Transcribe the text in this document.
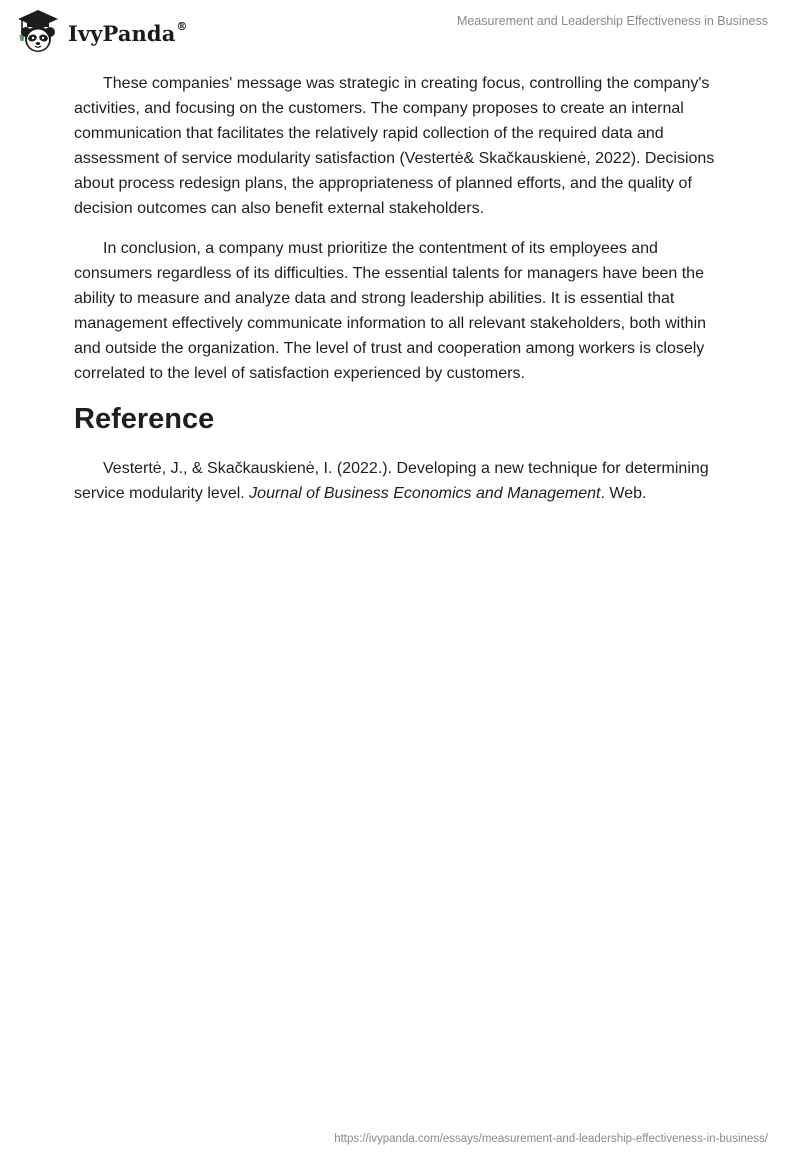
IvyPanda®	Measurement and Leadership Effectiveness in Business

These companies' message was strategic in creating focus, controlling the company's activities, and focusing on the customers. The company proposes to create an internal communication that facilitates the relatively rapid collection of the required data and assessment of service modularity satisfaction (Vestertė& Skačkauskienė, 2022). Decisions about process redesign plans, the appropriateness of planned efforts, and the quality of decision outcomes can also benefit external stakeholders.

In conclusion, a company must prioritize the contentment of its employees and consumers regardless of its difficulties. The essential talents for managers have been the ability to measure and analyze data and strong leadership abilities. It is essential that management effectively communicate information to all relevant stakeholders, both within and outside the organization. The level of trust and cooperation among workers is closely correlated to the level of satisfaction experienced by customers.

Reference

Vestertė, J., & Skačkauskienė, I. (2022.). Developing a new technique for determining service modularity level. Journal of Business Economics and Management. Web.

https://ivypanda.com/essays/measurement-and-leadership-effectiveness-in-business/
